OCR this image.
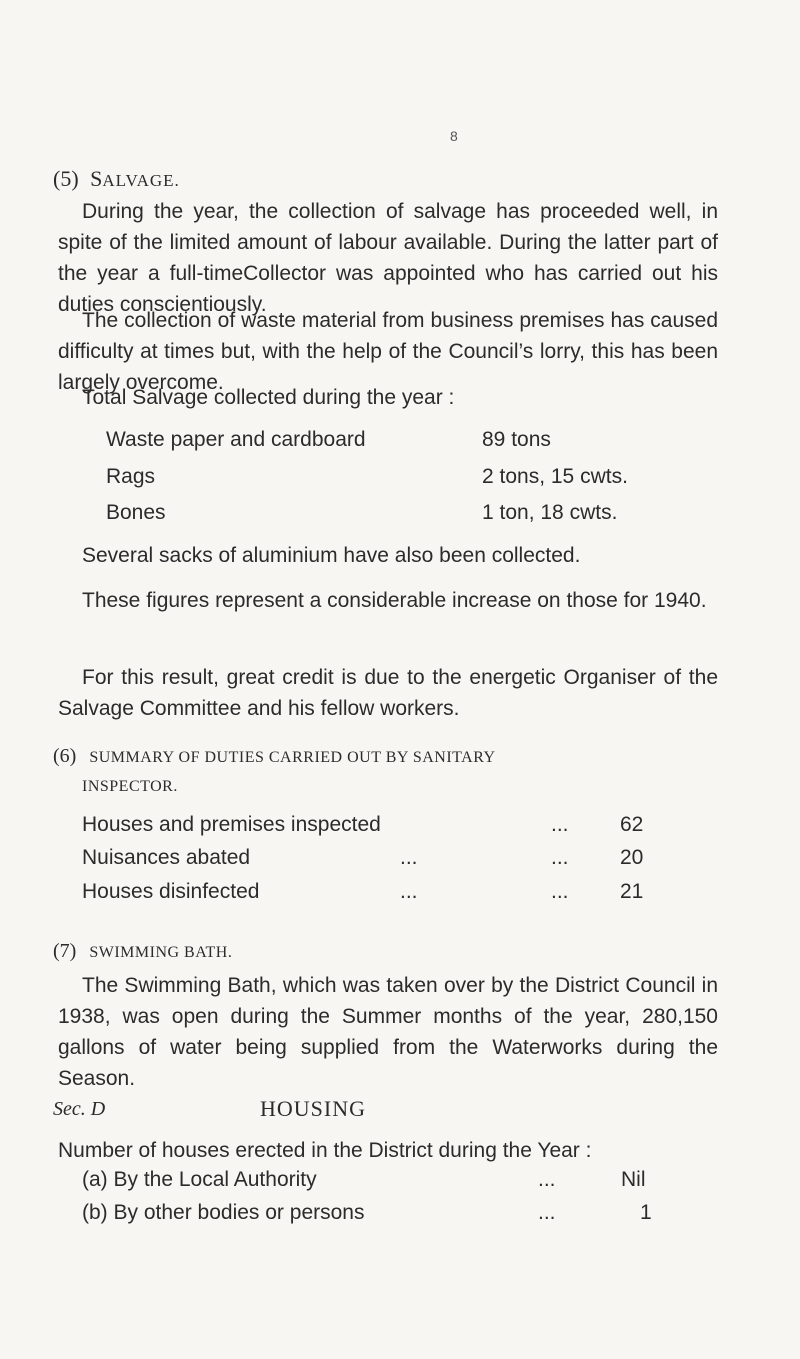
8
(5) SALVAGE.
During the year, the collection of salvage has proceeded well, in spite of the limited amount of labour available. During the latter part of the year a full-timeCollector was appointed who has carried out his duties conscientiously.
The collection of waste material from business premises has caused difficulty at times but, with the help of the Council’s lorry, this has been largely overcome.
Total Salvage collected during the year :
Waste paper and cardboard	89 tons
Rags	2 tons, 15 cwts.
Bones	1 ton, 18 cwts.
Several sacks of aluminium have also been collected.
These figures represent a considerable increase on those for 1940.
For this result, great credit is due to the energetic Organiser of the Salvage Committee and his fellow workers.
(6) SUMMARY OF DUTIES CARRIED OUT BY SANITARY
INSPECTOR.
Houses and premises inspected	... 62
Nuisances abated	...	... 20
Houses disinfected	...	... 21
(7) SWIMMING BATH.
The Swimming Bath, which was taken over by the District Council in 1938, was open during the Summer months of the year, 280,150 gallons of water being supplied from the Waterworks during the Season.
Sec. D	HOUSING
Number of houses erected in the District during the Year :
(a) By the Local Authority	...	Nil
(b) By other bodies or persons	...	1
